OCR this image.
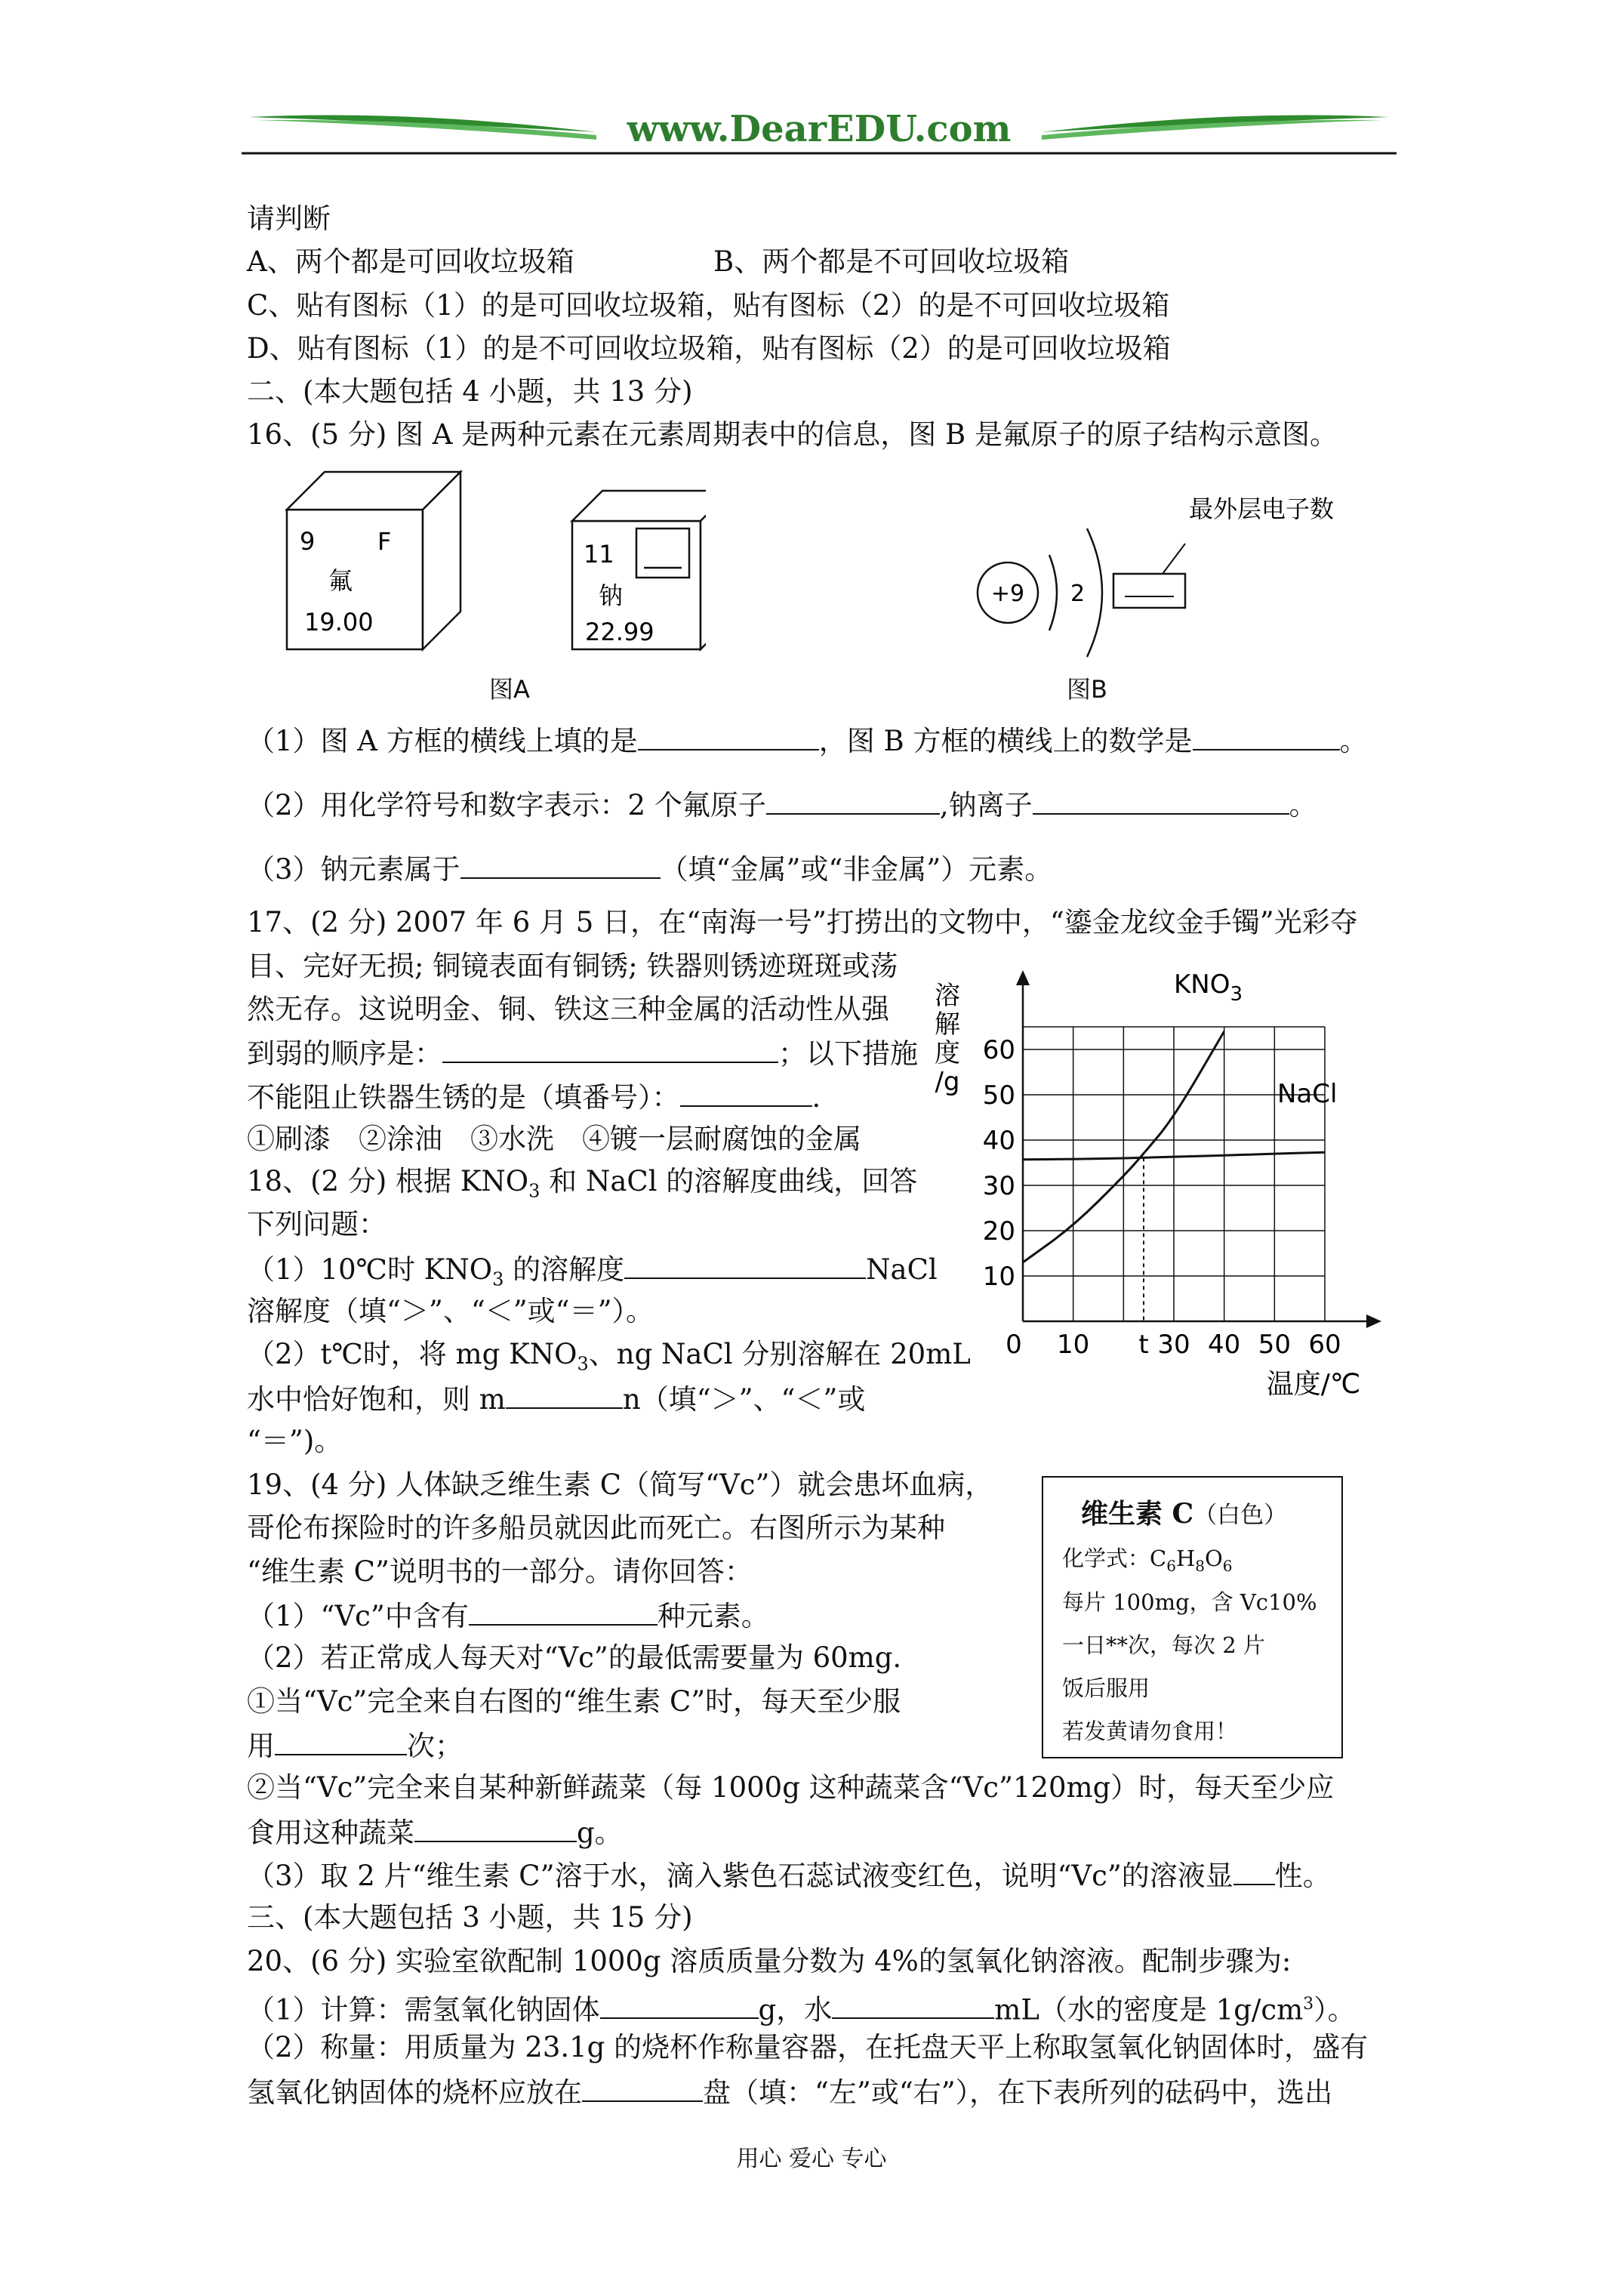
www.DearEDU.com
请判断
A、两个都是可回收垃圾箱	B、两个都是不可回收垃圾箱
C、贴有图标（1）的是可回收垃圾箱，贴有图标（2）的是不可回收垃圾箱
D、贴有图标（1）的是不可回收垃圾箱，贴有图标（2）的是可回收垃圾箱
二、(本大题包括 4 小题，共 13 分)
16、(5 分) 图 A 是两种元素在元素周期表中的信息，图 B 是氟原子的原子结构示意图。
9	F
氟
19.00
11
钠
22.99
图A
+9 2
最外层电子数
图B
（1）图 A 方框的横线上填的是	，图 B 方框的横线上的数学是	。
（2）用化学符号和数字表示：2 个氟原子	,钠离子	。
（3）钠元素属于	（填“金属”或“非金属”）元素。
17、(2 分) 2007 年 6 月 5 日，在“南海一号”打捞出的文物中，“鎏金龙纹金手镯”光彩夺
目、完好无损; 铜镜表面有铜锈; 铁器则锈迹斑斑或荡
然无存。这说明金、铜、铁这三种金属的活动性从强
到弱的顺序是：	；以下措施
不能阻止铁器生锈的是（填番号）：	.
①刷漆　②涂油　③水洗　④镀一层耐腐蚀的金属
18、(2 分) 根据 $KNO_3$ 和 NaCl 的溶解度曲线，回答
下列问题：
（1）10℃时 $KNO_3$ 的溶解度	NaCl
溶解度（填“＞”、“＜”或“＝”）。
（2）t℃时，将 mg $KNO_3$、ng NaCl 分别溶解在 20mL
水中恰好饱和，则 m	n（填“＞”、“＜”或
“＝”)。
0 10 t 30 40 50 60
10
20
30
40
50
60
$KNO_3$
NaCl
溶
解
度
/g
温度/℃
19、(4 分) 人体缺乏维生素 C（简写“Vc”）就会患坏血病，
哥伦布探险时的许多船员就因此而死亡。右图所示为某种
“维生素 C”说明书的一部分。请你回答：
（1）“Vc”中含有	种元素。
（2）若正常成人每天对“Vc”的最低需要量为 60mg.
①当“Vc”完全来自右图的“维生素 C”时，每天至少服
用	次；
②当“Vc”完全来自某种新鲜蔬菜（每 1000g 这种蔬菜含“Vc”120mg）时，每天至少应
食用这种蔬菜	g。
（3）取 2 片“维生素 C”溶于水，滴入紫色石蕊试液变红色，说明“Vc”的溶液显 性。
维生素 C（白色）
化学式：$C_6H_8O_6$
每片 100mg，含 Vc10%
一日**次，每次 2 片
饭后服用
若发黄请勿食用！
三、(本大题包括 3 小题，共 15 分)
20、(6 分) 实验室欲配制 1000g 溶质质量分数为 4%的氢氧化钠溶液。配制步骤为:
（1）计算：需氢氧化钠固体	g，水	mL（水的密度是 $1g/cm^3$）。
（2）称量：用质量为 23.1g 的烧杯作称量容器，在托盘天平上称取氢氧化钠固体时，盛有
氢氧化钠固体的烧杯应放在	盘（填：“左”或“右”），在下表所列的砝码中，选出
用心 爱心 专心
